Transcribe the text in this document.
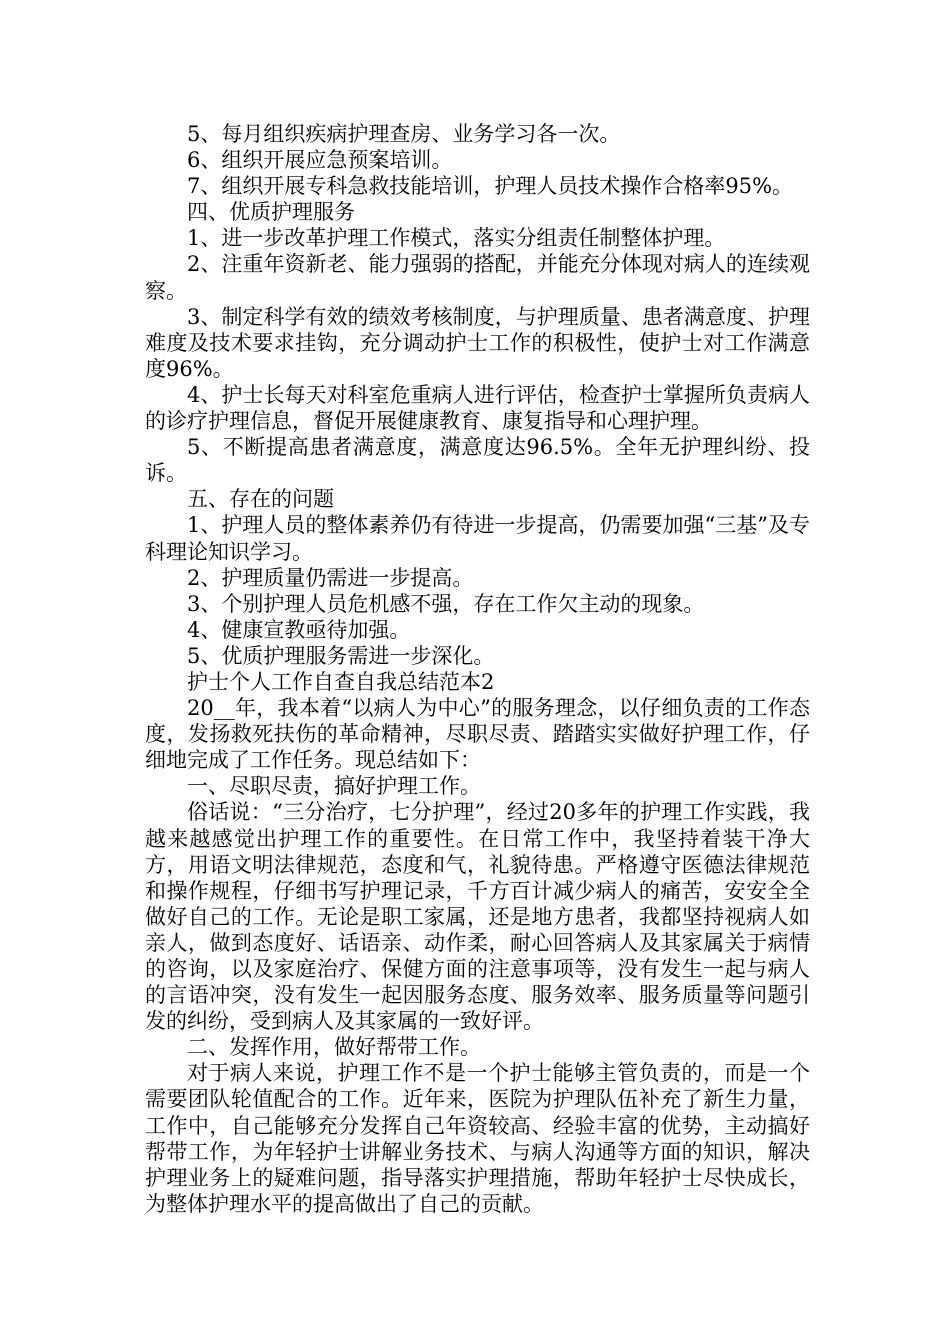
5、每月组织疾病护理查房、业务学习各一次。

6、组织开展应急预案培训。

7、组织开展专科急救技能培训，护理人员技术操作合格率95%。

四、优质护理服务

1、进一步改革护理工作模式，落实分组责任制整体护理。

2、注重年资新老、能力强弱的搭配，并能充分体现对病人的连续观察。

3、制定科学有效的绩效考核制度，与护理质量、患者满意度、护理难度及技术要求挂钩，充分调动护士工作的积极性，使护士对工作满意度96%。

4、护士长每天对科室危重病人进行评估，检查护士掌握所负责病人的诊疗护理信息，督促开展健康教育、康复指导和心理护理。

5、不断提高患者满意度，满意度达96.5%。全年无护理纠纷、投诉。

五、存在的问题

1、护理人员的整体素养仍有待进一步提高，仍需要加强“三基”及专科理论知识学习。

2、护理质量仍需进一步提高。

3、个别护理人员危机感不强，存在工作欠主动的现象。

4、健康宣教亟待加强。

5、优质护理服务需进一步深化。

护士个人工作自查自我总结范本2

20__年，我本着“以病人为中心”的服务理念，以仔细负责的工作态度，发扬救死扶伤的革命精神，尽职尽责、踏踏实实做好护理工作，仔细地完成了工作任务。现总结如下：

一、尽职尽责，搞好护理工作。

俗话说：“三分治疗，七分护理”，经过20多年的护理工作实践，我越来越感觉出护理工作的重要性。在日常工作中，我坚持着装干净大方，用语文明法律规范，态度和气，礼貌待患。严格遵守医德法律规范和操作规程，仔细书写护理记录，千方百计减少病人的痛苦，安安全全做好自己的工作。无论是职工家属，还是地方患者，我都坚持视病人如亲人，做到态度好、话语亲、动作柔，耐心回答病人及其家属关于病情的咨询，以及家庭治疗、保健方面的注意事项等，没有发生一起与病人的言语冲突，没有发生一起因服务态度、服务效率、服务质量等问题引发的纠纷，受到病人及其家属的一致好评。

二、发挥作用，做好帮带工作。

对于病人来说，护理工作不是一个护士能够主管负责的，而是一个需要团队轮值配合的工作。近年来，医院为护理队伍补充了新生力量，工作中，自己能够充分发挥自己年资较高、经验丰富的优势，主动搞好帮带工作，为年轻护士讲解业务技术、与病人沟通等方面的知识，解决护理业务上的疑难问题，指导落实护理措施，帮助年轻护士尽快成长，为整体护理水平的提高做出了自己的贡献。
